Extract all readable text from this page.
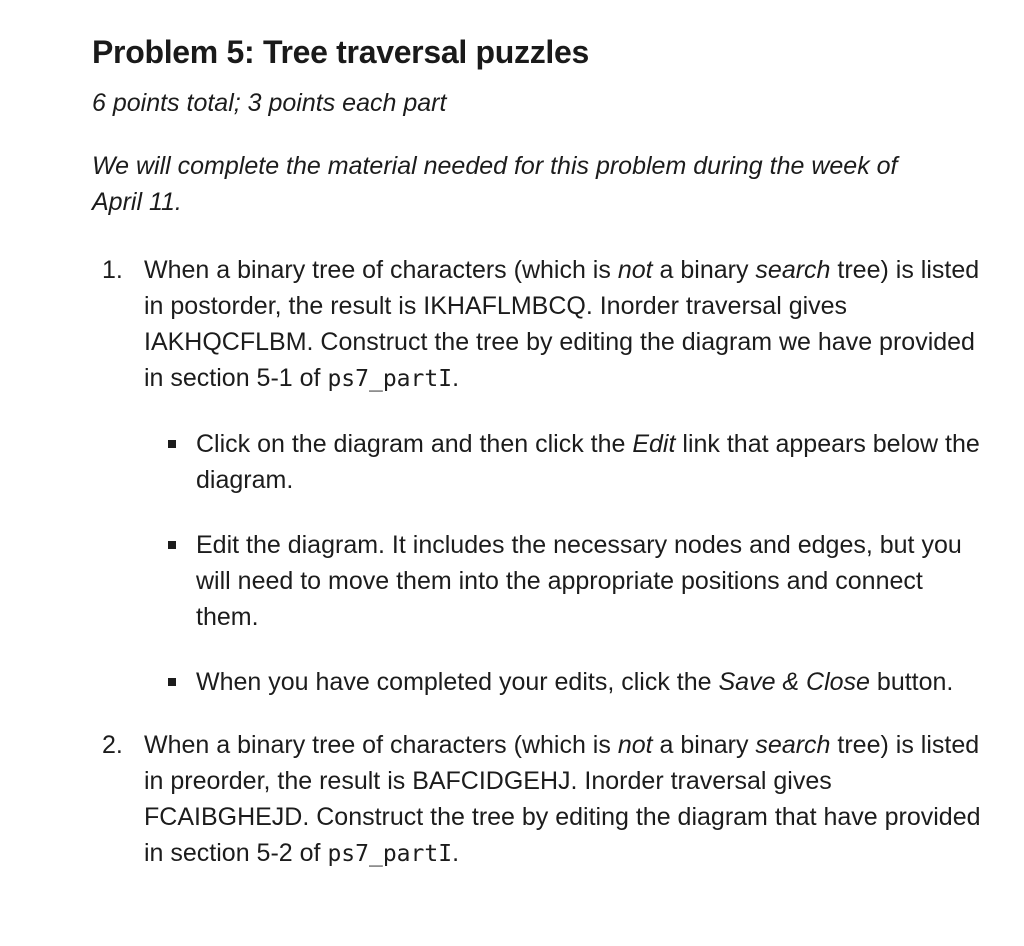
Problem 5: Tree traversal puzzles

6 points total; 3 points each part

We will complete the material needed for this problem during the week of April 11.

1. When a binary tree of characters (which is not a binary search tree) is listed in postorder, the result is IKHAFLMBCQ. Inorder traversal gives IAKHQCFLBM. Construct the tree by editing the diagram we have provided in section 5-1 of ps7_partI.
Click on the diagram and then click the Edit link that appears below the diagram.
Edit the diagram. It includes the necessary nodes and edges, but you will need to move them into the appropriate positions and connect them.
When you have completed your edits, click the Save & Close button.
2. When a binary tree of characters (which is not a binary search tree) is listed in preorder, the result is BAFCIDGEHJ. Inorder traversal gives FCAIBGHEJD. Construct the tree by editing the diagram that have provided in section 5-2 of ps7_partI.
